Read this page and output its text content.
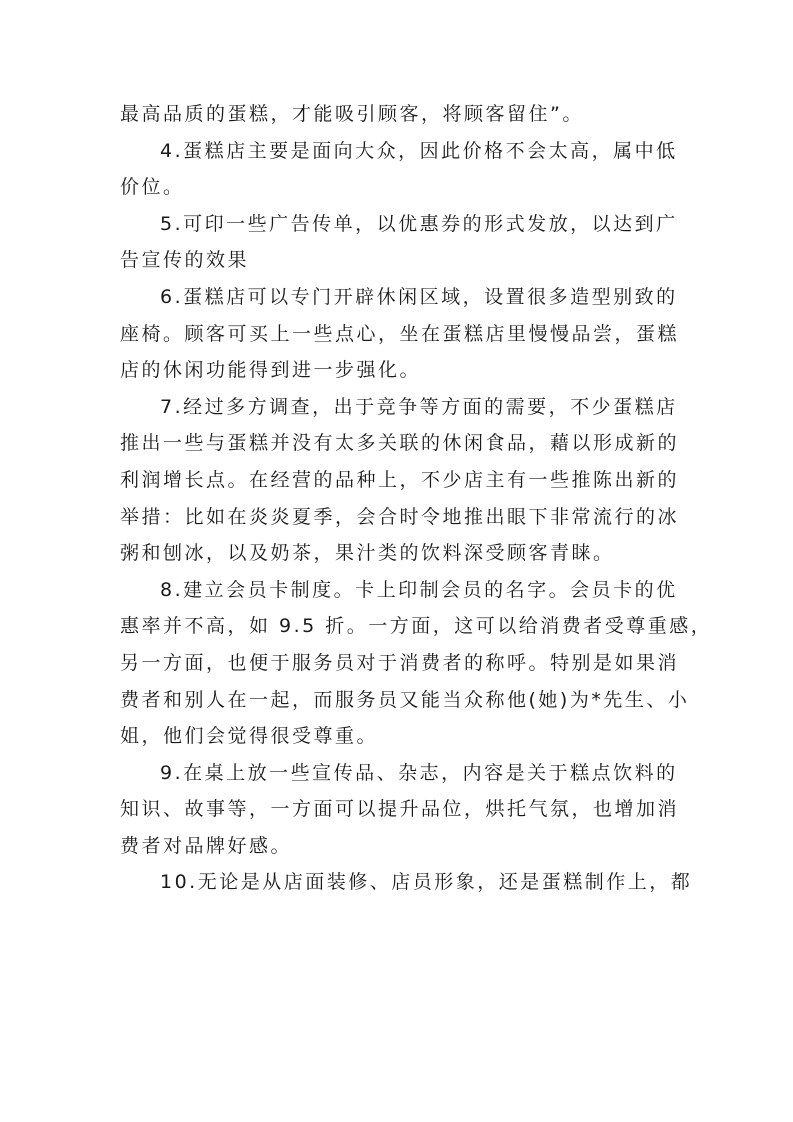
最高品质的蛋糕，才能吸引顾客，将顾客留住”。
4.蛋糕店主要是面向大众，因此价格不会太高，属中低
价位。
5.可印一些广告传单，以优惠券的形式发放，以达到广
告宣传的效果
6.蛋糕店可以专门开辟休闲区域，设置很多造型别致的
座椅。顾客可买上一些点心，坐在蛋糕店里慢慢品尝，蛋糕
店的休闲功能得到进一步强化。
7.经过多方调查，出于竞争等方面的需要，不少蛋糕店
推出一些与蛋糕并没有太多关联的休闲食品，藉以形成新的
利润增长点。在经营的品种上，不少店主有一些推陈出新的
举措：比如在炎炎夏季，会合时令地推出眼下非常流行的冰
粥和刨冰，以及奶茶，果汁类的饮料深受顾客青睐。
8.建立会员卡制度。卡上印制会员的名字。会员卡的优
惠率并不高，如 9.5 折。一方面，这可以给消费者受尊重感，
另一方面，也便于服务员对于消费者的称呼。特别是如果消
费者和别人在一起，而服务员又能当众称他(她)为*先生、小
姐，他们会觉得很受尊重。
9.在桌上放一些宣传品、杂志，内容是关于糕点饮料的
知识、故事等，一方面可以提升品位，烘托气氛，也增加消
费者对品牌好感。
10.无论是从店面装修、店员形象，还是蛋糕制作上，都
